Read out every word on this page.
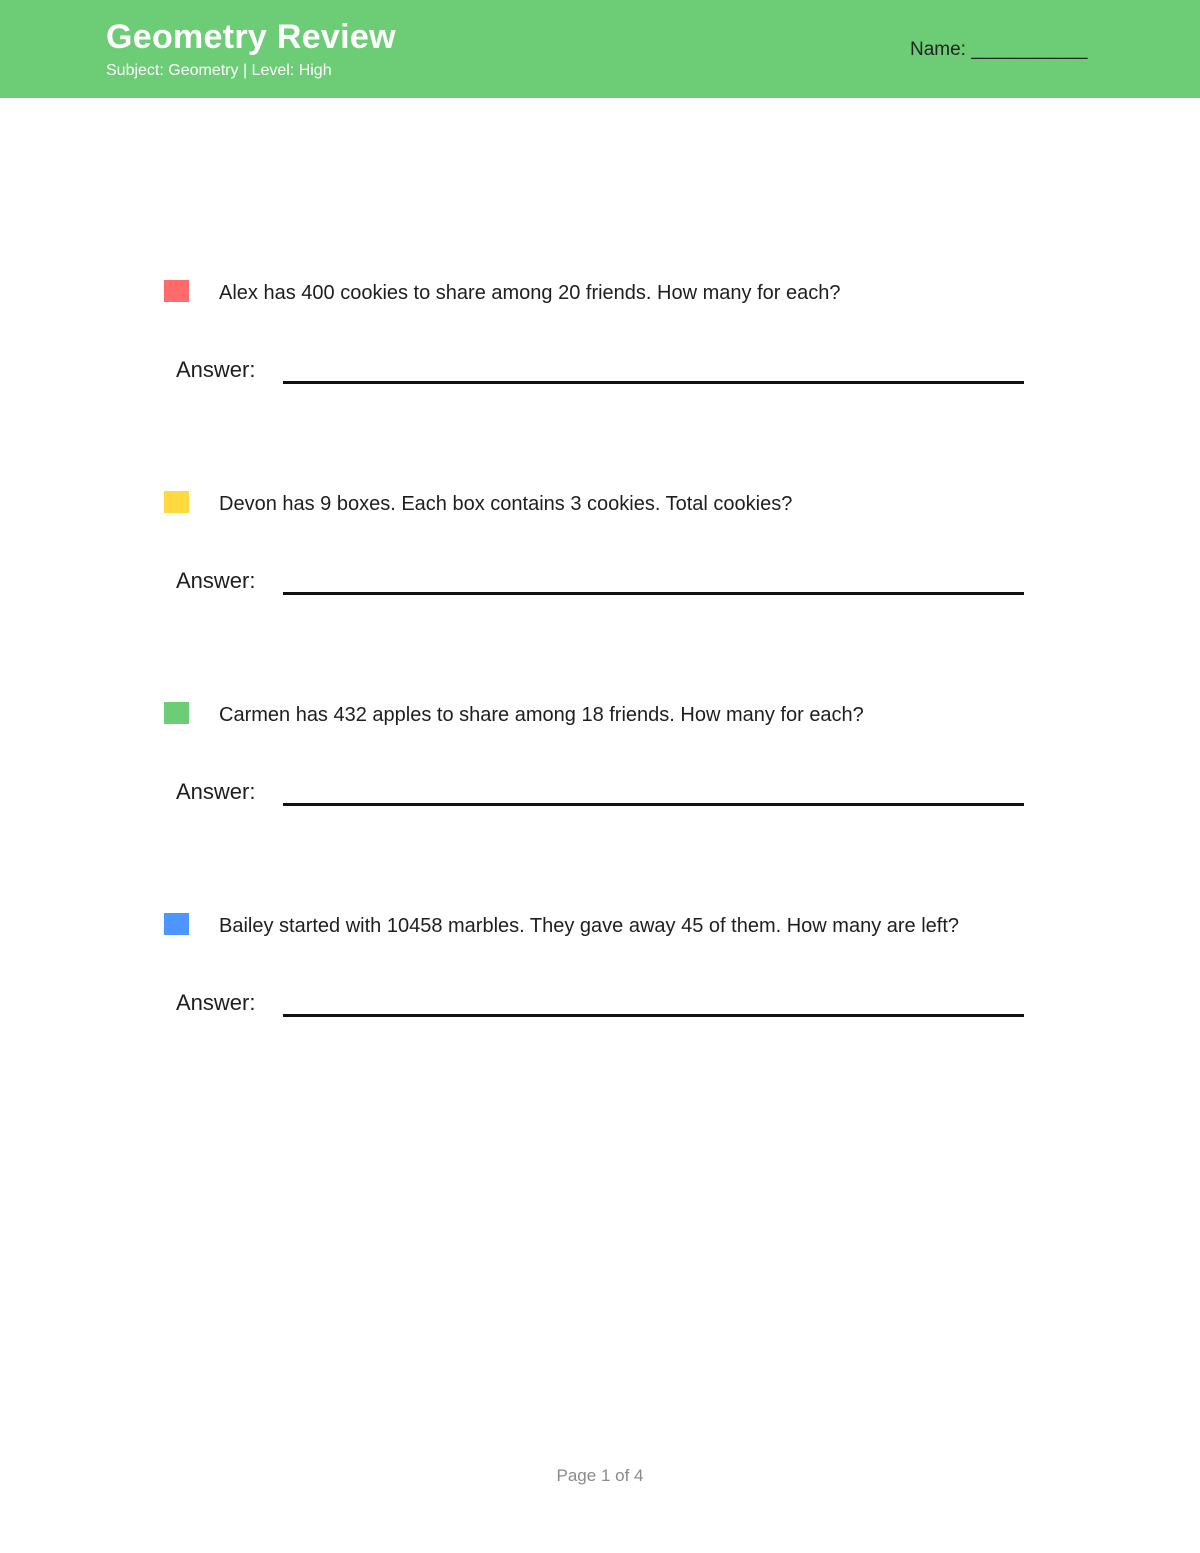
Geometry Review
Subject: Geometry | Level: High
Name: ___________
Alex has 400 cookies to share among 20 friends. How many for each?
Answer:
Devon has 9 boxes. Each box contains 3 cookies. Total cookies?
Answer:
Carmen has 432 apples to share among 18 friends. How many for each?
Answer:
Bailey started with 10458 marbles. They gave away 45 of them. How many are left?
Answer:
Page 1 of 4
